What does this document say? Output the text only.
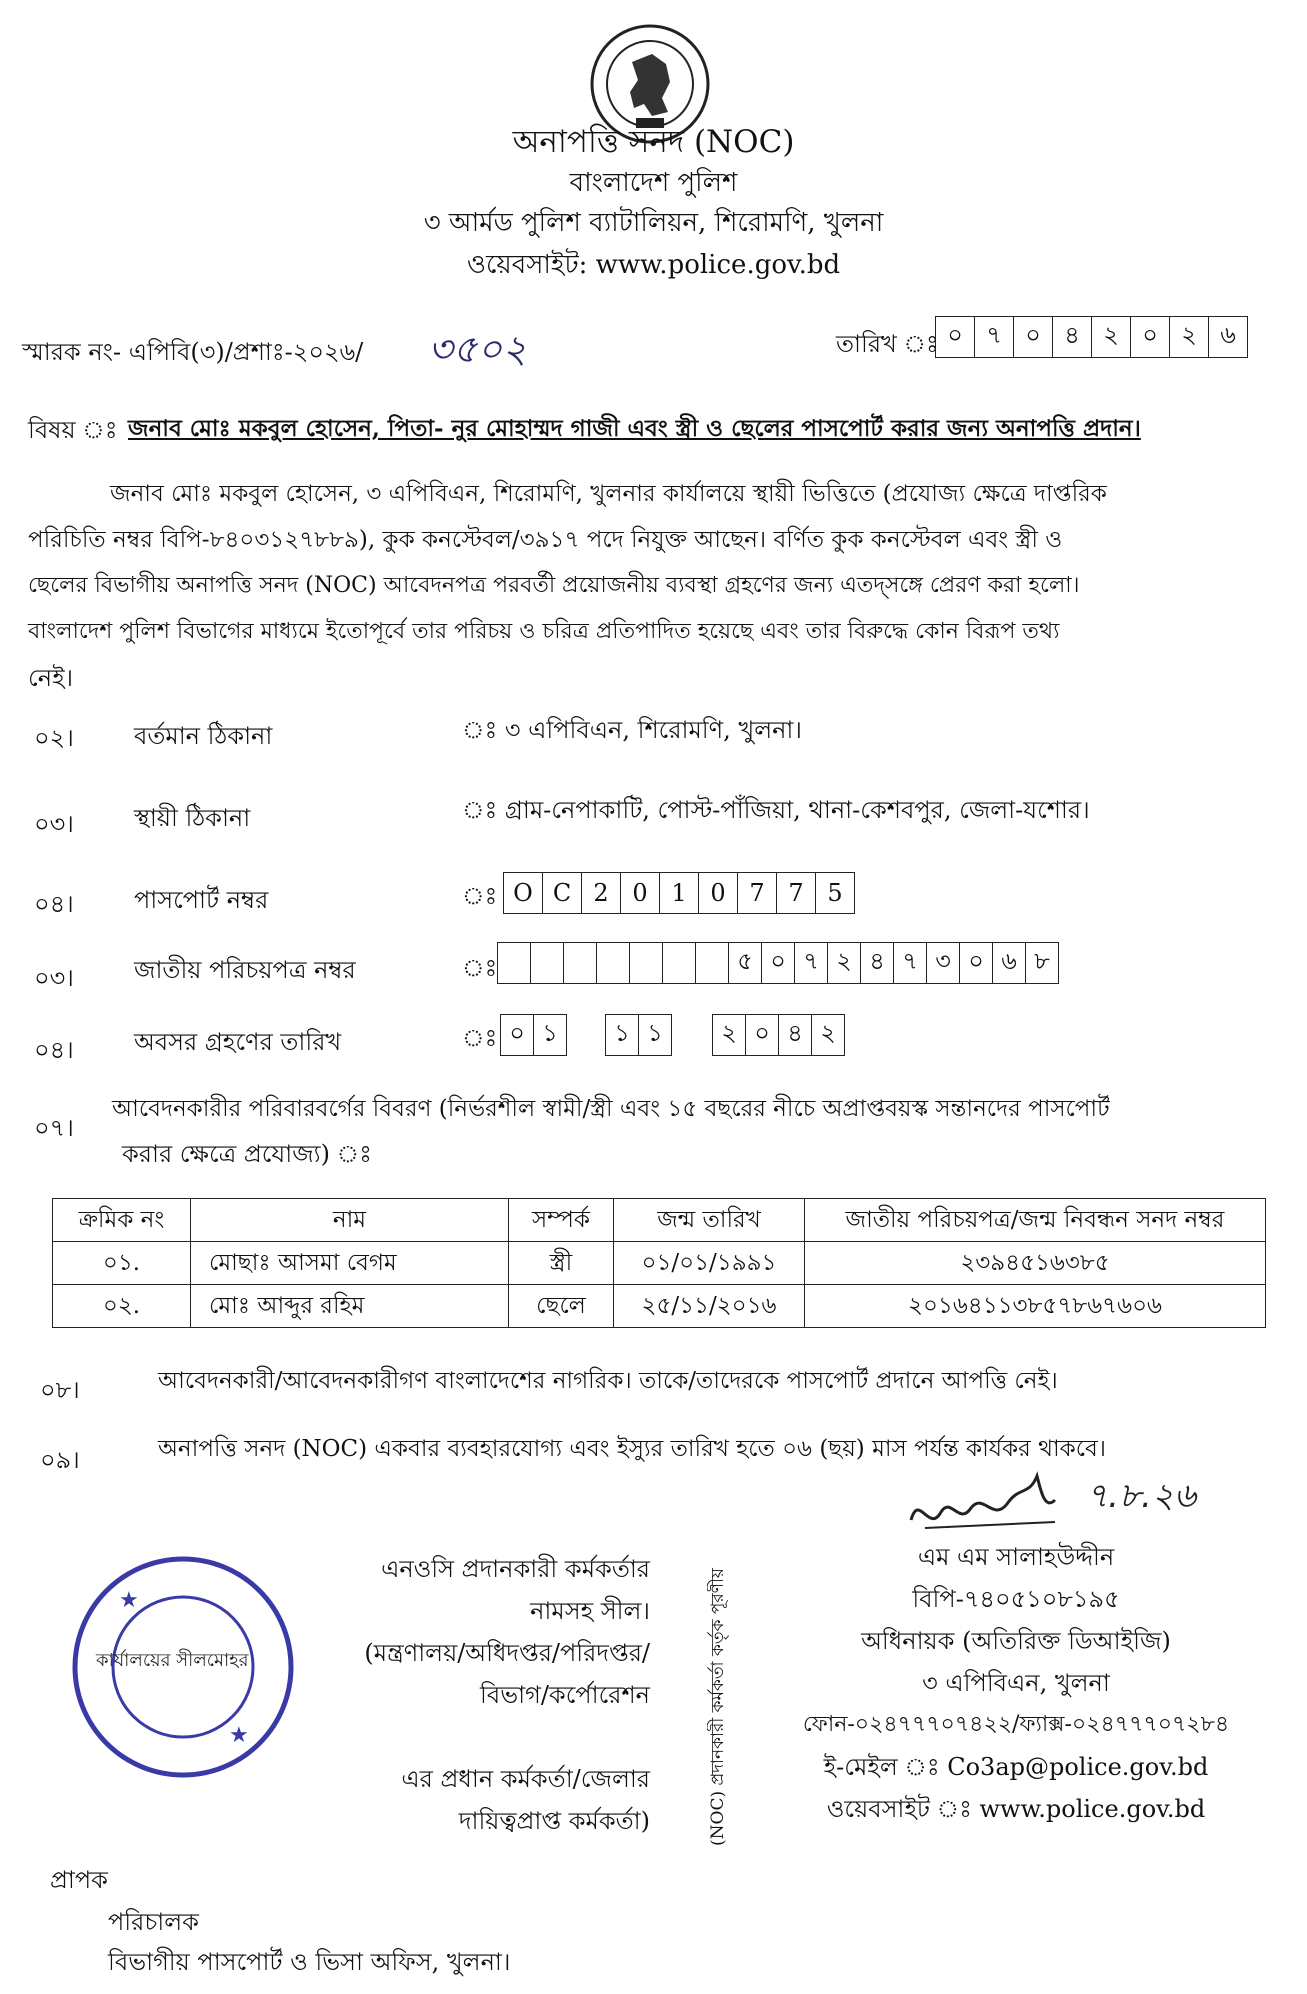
অনাপত্তি সনদ (NOC)
বাংলাদেশ পুলিশ
৩ আর্মড পুলিশ ব্যাটালিয়ন, শিরোমণি, খুলনা
ওয়েবসাইট: www.police.gov.bd
স্মারক নং- এপিবি(৩)/প্রশাঃ-২০২৬/ ৩৫০২	তারিখ ঃ ০ ৭ ০ ৪ ২ ০ ২ ৬
বিষয় ঃ জনাব মোঃ মকবুল হোসেন, পিতা- নুর মোহাম্মদ গাজী এবং স্ত্রী ও ছেলের পাসপোর্ট করার জন্য অনাপত্তি প্রদান।
জনাব মোঃ মকবুল হোসেন, ৩ এপিবিএন, শিরোমণি, খুলনার কার্যালয়ে স্থায়ী ভিত্তিতে (প্রযোজ্য ক্ষেত্রে দাপ্তরিক
পরিচিতি নম্বর বিপি-৮৪০৩১২৭৮৮৯), কুক কনস্টেবল/৩৯১৭ পদে নিযুক্ত আছেন। বর্ণিত কুক কনস্টেবল এবং স্ত্রী ও
ছেলের বিভাগীয় অনাপত্তি সনদ (NOC) আবেদনপত্র পরবর্তী প্রয়োজনীয় ব্যবস্থা গ্রহণের জন্য এতদ্‌সঙ্গে প্রেরণ করা হলো।
বাংলাদেশ পুলিশ বিভাগের মাধ্যমে ইতোপূর্বে তার পরিচয় ও চরিত্র প্রতিপাদিত হয়েছে এবং তার বিরুদ্ধে কোন বিরূপ তথ্য
নেই।
০২।	বর্তমান ঠিকানা	ঃ ৩ এপিবিএন, শিরোমণি, খুলনা।
০৩।	স্থায়ী ঠিকানা	ঃ গ্রাম-নেপাকাটি, পোস্ট-পাঁজিয়া, থানা-কেশবপুর, জেলা-যশোর।
০৪।	পাসপোর্ট নম্বর	ঃ O C 2 0 1 0 7 7 5
০৩।	জাতীয় পরিচয়পত্র নম্বর	ঃ	৫ ০ ৭ ২ ৪ ৭ ৩ ০ ৬ ৮
০৪।	অবসর গ্রহণের তারিখ	ঃ ০ ১	১ ১	২ ০ ৪ ২
০৭।
আবেদনকারীর পরিবারবর্গের বিবরণ (নির্ভরশীল স্বামী/স্ত্রী এবং ১৫ বছরের নীচে অপ্রাপ্তবয়স্ক সন্তানদের পাসপোর্ট
করার ক্ষেত্রে প্রযোজ্য) ঃ
ক্রমিক নং	নাম	সম্পর্ক	জন্ম তারিখ	জাতীয় পরিচয়পত্র/জন্ম নিবন্ধন সনদ নম্বর
০১.	মোছাঃ আসমা বেগম	স্ত্রী	০১/০১/১৯৯১	২৩৯৪৫১৬৩৮৫
০২.	মোঃ আব্দুর রহিম	ছেলে	২৫/১১/২০১৬	২০১৬৪১১৩৮৫৭৮৬৭৬০৬
০৮।	আবেদনকারী/আবেদনকারীগণ বাংলাদেশের নাগরিক। তাকে/তাদেরকে পাসপোর্ট প্রদানে আপত্তি নেই।
০৯।	অনাপত্তি সনদ (NOC) একবার ব্যবহারযোগ্য এবং ইস্যুর তারিখ হতে ০৬ (ছয়) মাস পর্যন্ত কার্যকর থাকবে।
★
★
কার্যালয়ের সীলমোহর
এনওসি প্রদানকারী কর্মকর্তার
নামসহ সীল।
(মন্ত্রণালয়/অধিদপ্তর/পরিদপ্তর/
বিভাগ/কর্পোরেশন
এর প্রধান কর্মকর্তা/জেলার
দায়িত্বপ্রাপ্ত কর্মকর্তা)	(NOC) প্রদানকারী কর্মকর্তা কর্তৃক পূরণীয়
৭.৮.২৬
এম এম সালাহউদ্দীন
বিপি-৭৪০৫১০৮১৯৫
অধিনায়ক (অতিরিক্ত ডিআইজি)
৩ এপিবিএন, খুলনা
ফোন-০২৪৭৭৭০৭৪২২/ফ্যাক্স-০২৪৭৭৭০৭২৮৪
ই-মেইল ঃ Co3ap@police.gov.bd
ওয়েবসাইট ঃ www.police.gov.bd
প্রাপক
পরিচালক
বিভাগীয় পাসপোর্ট ও ভিসা অফিস, খুলনা।
